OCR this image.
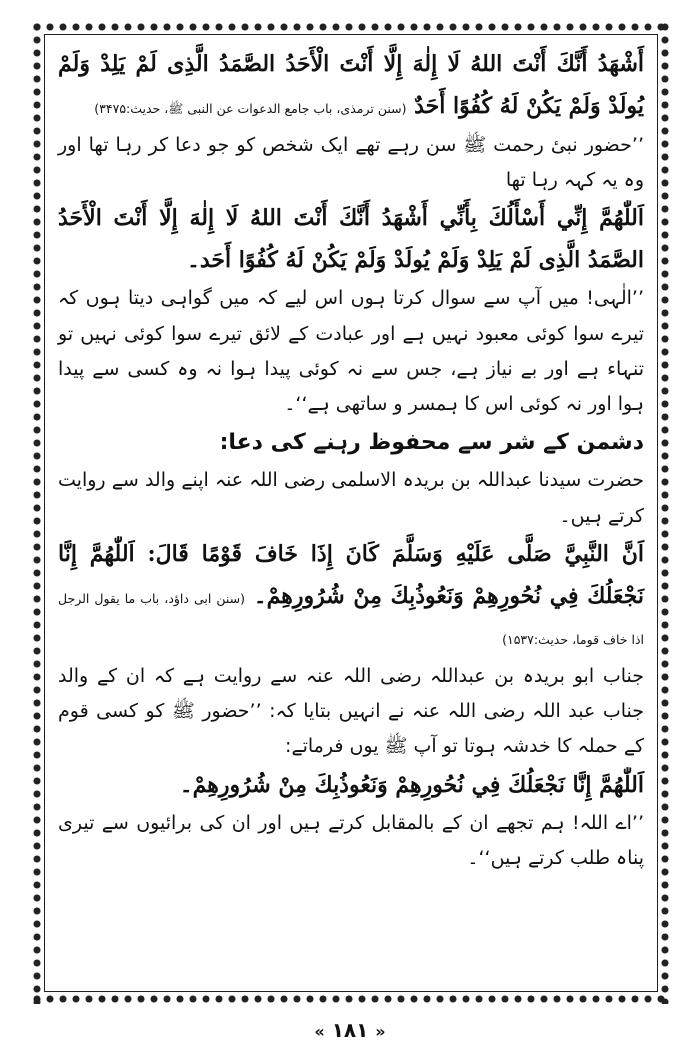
أَشْهَدُ أَنَّكَ أَنْتَ اللهُ لَا إِلٰهَ إِلَّا أَنْتَ الْأَحَدُ الصَّمَدُ الَّذِى لَمْ يَلِدْ وَلَمْ يُولَدْ وَلَمْ يَكُنْ لَهُ كُفُوًا أَحَدٌ (سنن ترمذی، باب جامع الدعوات عن النبی ﷺ، حدیث:۳۴۷۵)

’’حضور نبیٔ رحمت ﷺ سن رہے تھے ایک شخص کو جو دعا کر رہا تھا اور وہ یہ کہہ رہا تھا

اَللّٰهُمَّ إِنِّي أَسْأَلُكَ بِأَنِّي أَشْهَدُ أَنَّكَ أَنْتَ اللهُ لَا إِلٰهَ إِلَّا أَنْتَ الْأَحَدُ الصَّمَدُ الَّذِى لَمْ يَلِدْ وَلَمْ يُولَدْ وَلَمْ يَكُنْ لَهُ كُفُوًا أَحَد۔

’’الٰہی! میں آپ سے سوال کرتا ہوں اس لیے کہ میں گواہی دیتا ہوں کہ تیرے سوا کوئی معبود نہیں ہے اور عبادت کے لائق تیرے سوا کوئی نہیں تو تنہاء ہے اور بے نیاز ہے، جس سے نہ کوئی پیدا ہوا نہ وہ کسی سے پیدا ہوا اور نہ کوئی اس کا ہمسر و ساتھی ہے‘‘۔

دشمن کے شر سے محفوظ رہنے کی دعا:

حضرت سیدنا عبداللہ بن بریدہ الاسلمی رضی اللہ عنہ اپنے والد سے روایت کرتے ہیں۔

اَنَّ النَّبِيَّ صَلَّى عَلَيْهِ وَسَلَّمَ كَانَ إِذَا خَافَ قَوْمًا قَالَ: اَللّٰهُمَّ إِنَّا نَجْعَلُكَ فِي نُحُورِهِمْ وَنَعُوذُبِكَ مِنْ شُرُورِهِمْ۔ (سنن ابی داؤد، باب ما یقول الرجل اذا خاف قوما، حدیث:۱۵۳۷)

جناب ابو بریدہ بن عبداللہ رضی اللہ عنہ سے روایت ہے کہ ان کے والد جناب عبد اللہ رضی اللہ عنہ نے انہیں بتایا کہ: ’’حضور ﷺ کو کسی قوم کے حملہ کا خدشہ ہوتا تو آپ ﷺ یوں فرماتے:

اَللّٰهُمَّ إِنَّا نَجْعَلُكَ فِي نُحُورِهِمْ وَنَعُوذُبِكَ مِنْ شُرُورِهِمْ۔

’’اے اللہ! ہم تجھے ان کے بالمقابل کرتے ہیں اور ان کی برائیوں سے تیری پناہ طلب کرتے ہیں‘‘۔

« ۱۸۱ »
